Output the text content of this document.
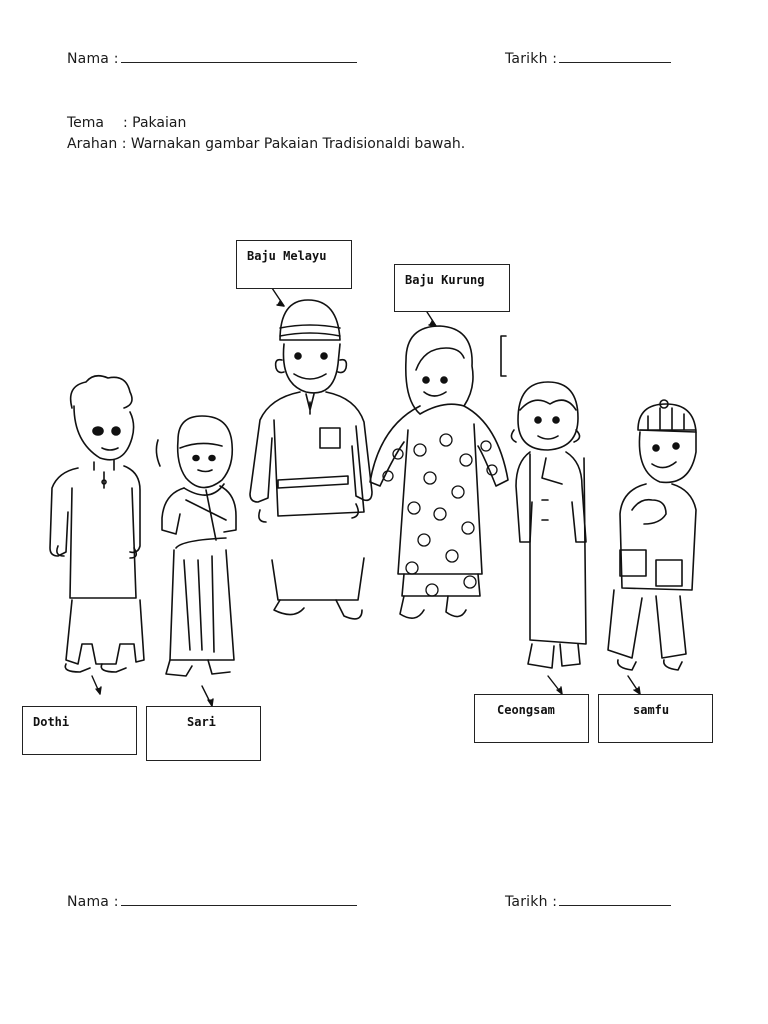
Nama :	Tarikh :
Tema : Pakaian
Arahan : Warnakan gambar Pakaian Tradisionaldi bawah.
Baju Melayu
Baju Kurung
Dothi	Sari
Ceongsam	samfu
Nama :	Tarikh :
